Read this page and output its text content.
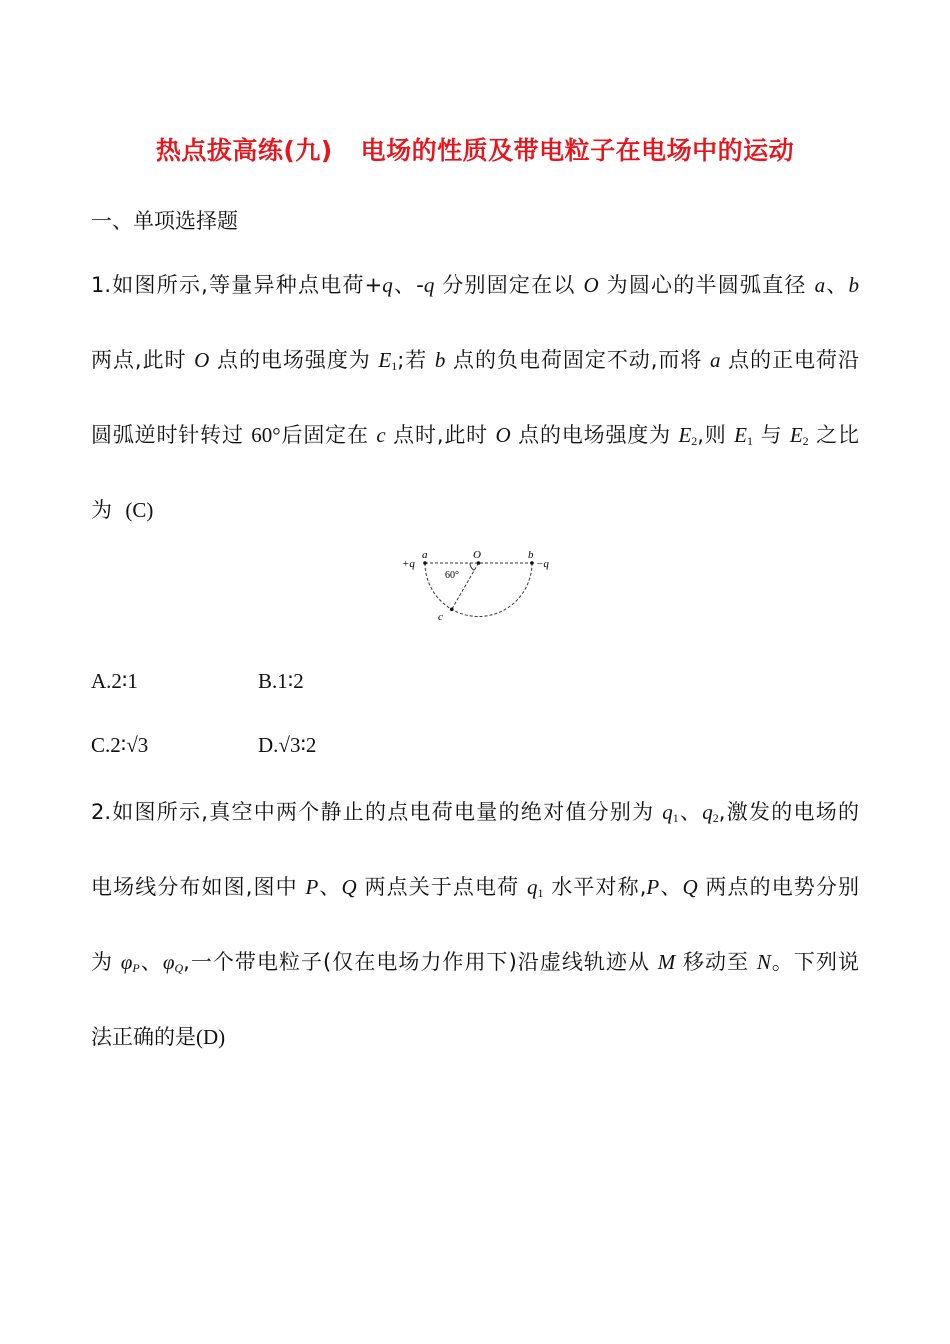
热点拔高练(九) 电场的性质及带电粒子在电场中的运动
一、单项选择题
1.如图所示,等量异种点电荷+q、-q 分别固定在以 O 为圆心的半圆弧直径 a、b
两点,此时 O 点的电场强度为 $E_1$;若 b 点的负电荷固定不动,而将 a 点的正电荷沿
圆弧逆时针转过 60°后固定在 c 点时,此时 O 点的电场强度为 $E_2$,则 $E_1$ 与 $E_2$ 之比
为 (C)
+q
a	O	b
−q
60°
c
A.2∶1	B.1∶2
C.2∶√3	D.√3∶2
2.如图所示,真空中两个静止的点电荷电量的绝对值分别为 $q_1$、$q_2$,激发的电场的
电场线分布如图,图中 P、Q 两点关于点电荷 $q_1$ 水平对称,P、Q 两点的电势分别
为 $\varphi_P$、$\varphi_Q$,一个带电粒子(仅在电场力作用下)沿虚线轨迹从 M 移动至 N。下列说
法正确的是(D)
